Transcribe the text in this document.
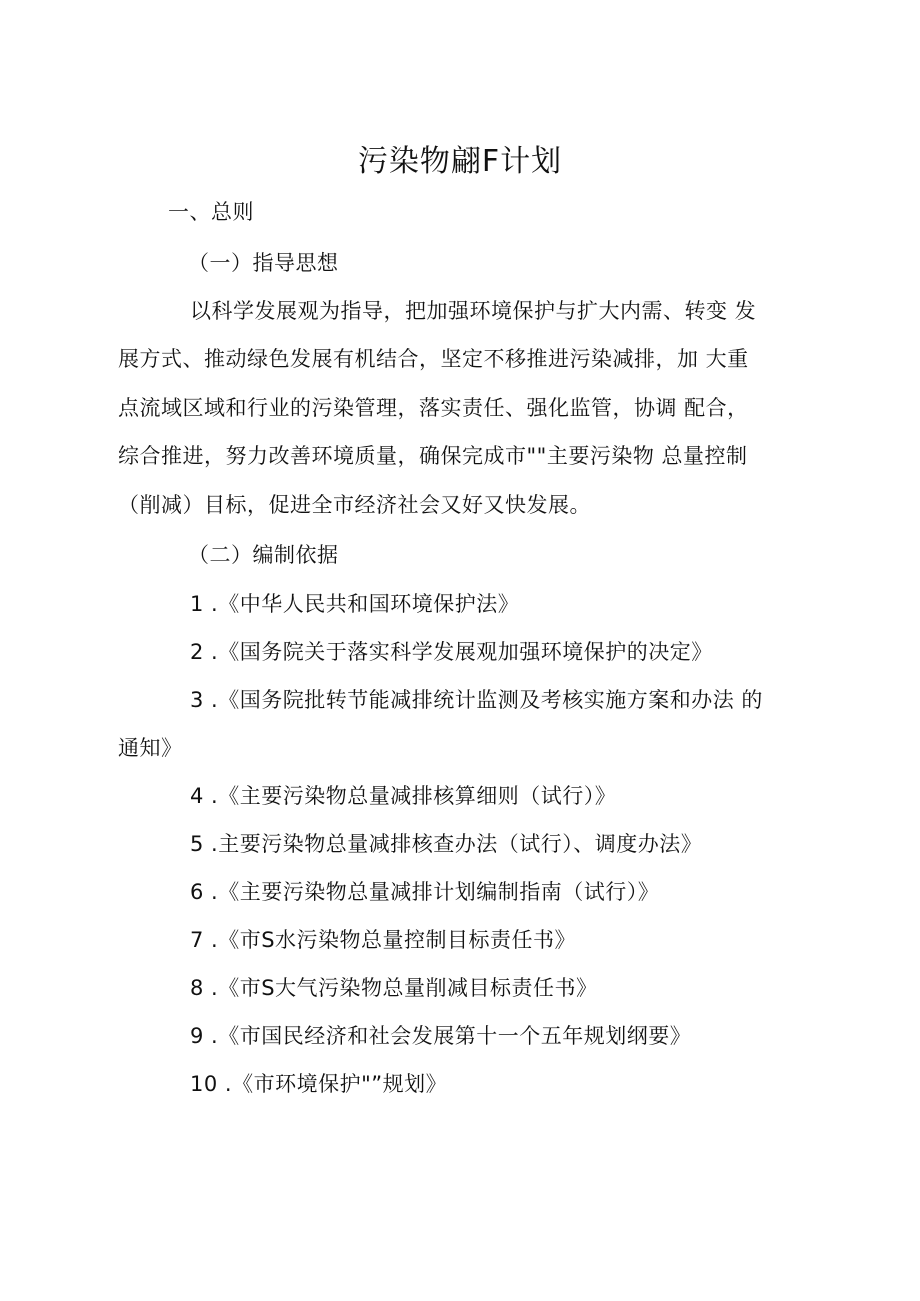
污染物翩F计划
一、总则
（一）指导思想
以科学发展观为指导，把加强环境保护与扩大内需、转变 发
展方式、推动绿色发展有机结合，坚定不移推进污染减排，加 大重
点流域区域和行业的污染管理，落实责任、强化监管，协调 配合，
综合推进，努力改善环境质量，确保完成市""主要污染物 总量控制
（削减）目标，促进全市经济社会又好又快发展。
（二）编制依据
1 .《中华人民共和国环境保护法》
2 .《国务院关于落实科学发展观加强环境保护的决定》
3 .《国务院批转节能减排统计监测及考核实施方案和办法 的
通知》
4 .《主要污染物总量减排核算细则（试行）》
5 .主要污染物总量减排核查办法（试行）、调度办法》
6 .《主要污染物总量减排计划编制指南（试行）》
7 .《市S水污染物总量控制目标责任书》
8 .《市S大气污染物总量削减目标责任书》
9 .《市国民经济和社会发展第十一个五年规划纲要》
10 .《市环境保护"”规划》
